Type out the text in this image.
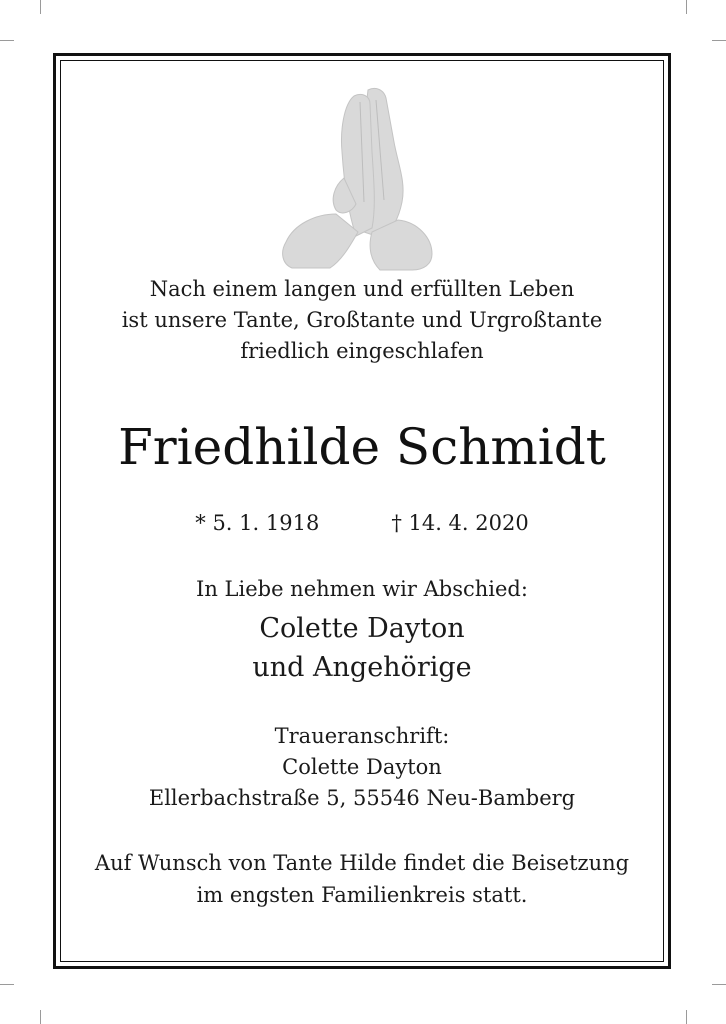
Nach einem langen und erfüllten Leben
ist unsere Tante, Großtante und Urgroßtante
friedlich eingeschlafen

Friedhilde Schmidt

* 5. 1. 1918	† 14. 4. 2020

In Liebe nehmen wir Abschied:

Colette Dayton
und Angehörige

Traueranschrift:
Colette Dayton
Ellerbachstraße 5, 55546 Neu-Bamberg

Auf Wunsch von Tante Hilde findet die Beisetzung
im engsten Familienkreis statt.
